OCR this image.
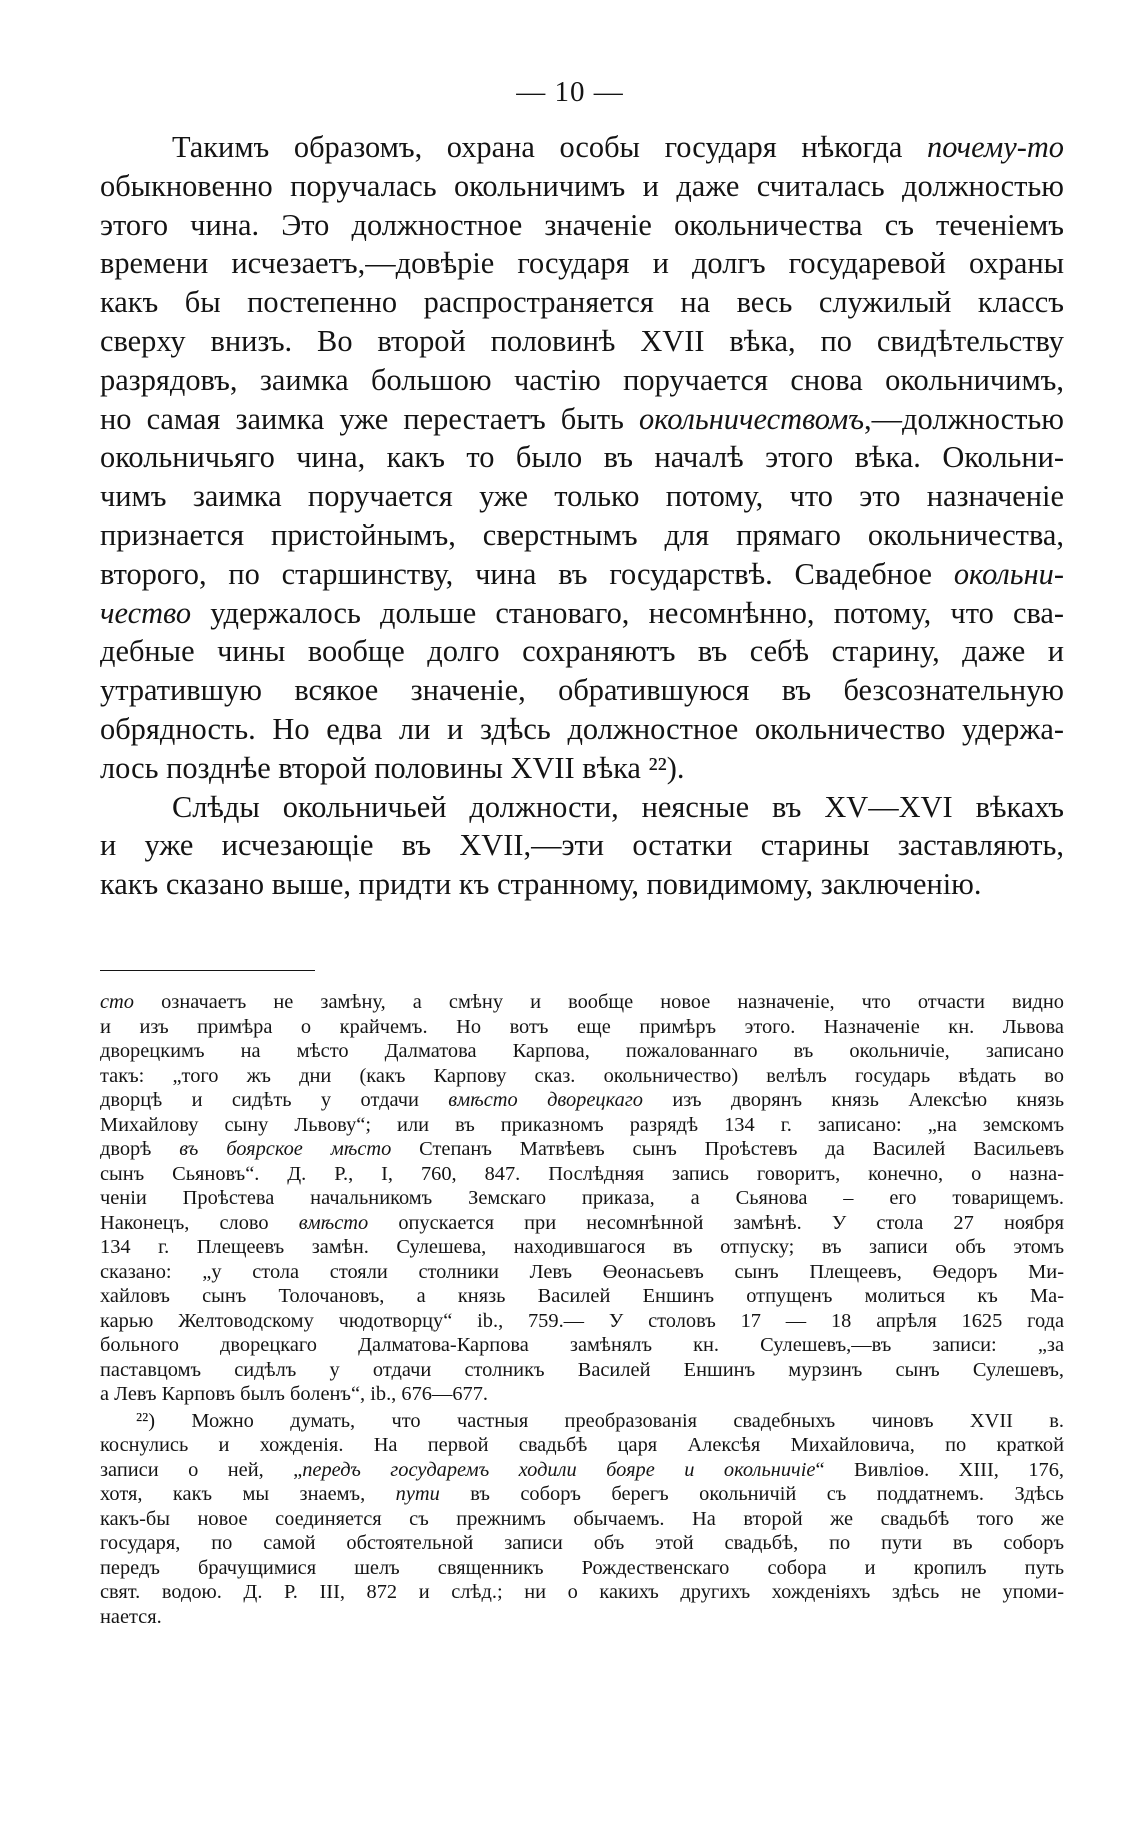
— 10 —
Такимъ образомъ, охрана особы государя нѣкогда почему-то
обыкновенно поручалась окольничимъ и даже считалась должностью
этого чина. Это должностное значеніе окольничества съ теченіемъ
времени исчезаетъ,—довѣріе государя и долгъ государевой охраны
какъ бы постепенно распространяется на весь служилый классъ
сверху внизъ. Во второй половинѣ XVII вѣка, по свидѣтельству
разрядовъ, заимка большою частію поручается снова окольничимъ,
но самая заимка уже перестаетъ быть окольничествомъ,—должностью
окольничьяго чина, какъ то было въ началѣ этого вѣка. Окольни-
чимъ заимка поручается уже только потому, что это назначеніе
признается пристойнымъ, сверстнымъ для прямаго окольничества,
второго, по старшинству, чина въ государствѣ. Свадебное окольни-
чество удержалось дольше становаго, несомнѣнно, потому, что сва-
дебные чины вообще долго сохраняютъ въ себѣ старину, даже и
утратившую всякое значеніе, обратившуюся въ безсознательную
обрядность. Но едва ли и здѣсь должностное окольничество удержа-
лось позднѣе второй половины XVII вѣка ²²).
Слѣды окольничьей должности, неясные въ XV—XVI вѣкахъ
и уже исчезающіе въ XVII,—эти остатки старины заставляють,
какъ сказано выше, придти къ странному, повидимому, заключенію.
сто означаетъ не замѣну, а смѣну и вообще новое назначеніе, что отчасти видно
и изъ примѣра о крайчемъ. Но вотъ еще примѣръ этого. Назначеніе кн. Львова
дворецкимъ на мѣсто Далматова Карпова, пожалованнаго въ окольничіе, записано
такъ: „того жъ дни (какъ Карпову сказ. окольничество) велѣлъ государь вѣдать во
дворцѣ и сидѣть у отдачи вмѣсто дворецкаго изъ дворянъ князь Алексѣю князь
Михайлову сыну Львову“; или въ приказномъ разрядѣ 134 г. записано: „на земскомъ
дворѣ въ боярское мѣсто Степанъ Матвѣевъ сынъ Проѣстевъ да Василей Васильевъ
сынъ Сьяновъ“. Д. Р., I, 760, 847. Послѣдняя запись говоритъ, конечно, о назна-
ченіи Проѣстева начальникомъ Земскаго приказа, а Сьянова – его товарищемъ.
Наконецъ, слово вмѣсто опускается при несомнѣнной замѣнѣ. У стола 27 ноября
134 г. Плещеевъ замѣн. Сулешева, находившагося въ отпуску; въ записи объ этомъ
сказано: „у стола стояли столники Левъ Өеонасьевъ сынъ Плещеевъ, Өедоръ Ми-
хайловъ сынъ Толочановъ, а князь Василей Еншинъ отпущенъ молиться къ Ма-
карью Желтоводскому чюдотворцу“ ib., 759.— У столовъ 17 — 18 апрѣля 1625 года
больного дворецкаго Далматова-Карпова замѣнялъ кн. Сулешевъ,—въ записи: „за
паставцомъ сидѣлъ у отдачи столникъ Василей Еншинъ мурзинъ сынъ Сулешевъ,
а Левъ Карповъ былъ боленъ“, ib., 676—677.
²²) Можно думать, что частныя преобразованія свадебныхъ чиновъ XVII в.
коснулись и хожденія. На первой свадьбѣ царя Алексѣя Михайловича, по краткой
записи о ней, „передъ государемъ ходили бояре и окольничіе“ Вивліоѳ. XIII, 176,
хотя, какъ мы знаемъ, пути въ соборъ берегъ окольничій съ поддатнемъ. Здѣсь
какъ-бы новое соединяется съ прежнимъ обычаемъ. На второй же свадьбѣ того же
государя, по самой обстоятельной записи объ этой свадьбѣ, по пути въ соборъ
передъ брачущимися шелъ священникъ Рождественскаго собора и кропилъ путь
свят. водою. Д. Р. III, 872 и слѣд.; ни о какихъ другихъ хожденіяхъ здѣсь не упоми-
нается.
